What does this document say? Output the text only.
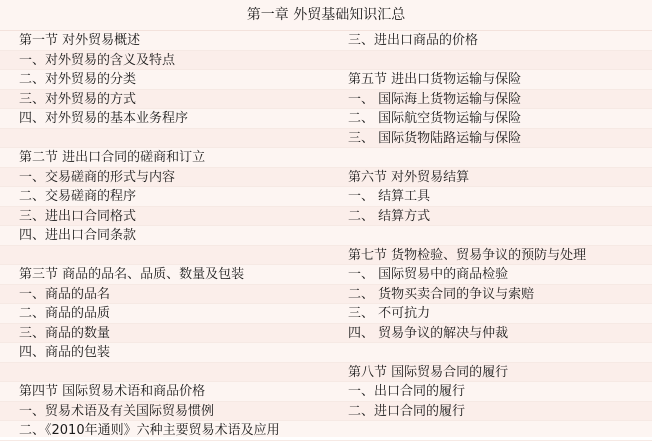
第一章 外贸基础知识汇总
第一节 对外贸易概述
一、对外贸易的含义及特点
二、对外贸易的分类
三、对外贸易的方式
四、对外贸易的基本业务程序
第二节 进出口合同的磋商和订立
一、交易磋商的形式与内容
二、交易磋商的程序
三、进出口合同格式
四、进出口合同条款
第三节 商品的品名、品质、数量及包装
一、商品的品名
二、商品的品质
三、商品的数量
四、商品的包装
第四节 国际贸易术语和商品价格
一、贸易术语及有关国际贸易惯例
二、《2010年通则》六种主要贸易术语及应用
三、进出口商品的价格
第五节 进出口货物运输与保险
一、 国际海上货物运输与保险
二、 国际航空货物运输与保险
三、 国际货物陆路运输与保险
第六节 对外贸易结算
一、 结算工具
二、 结算方式
第七节 货物检验、贸易争议的预防与处理
一、 国际贸易中的商品检验
二、 货物买卖合同的争议与索赔
三、 不可抗力
四、 贸易争议的解决与仲裁
第八节 国际贸易合同的履行
一、出口合同的履行
二、进口合同的履行
